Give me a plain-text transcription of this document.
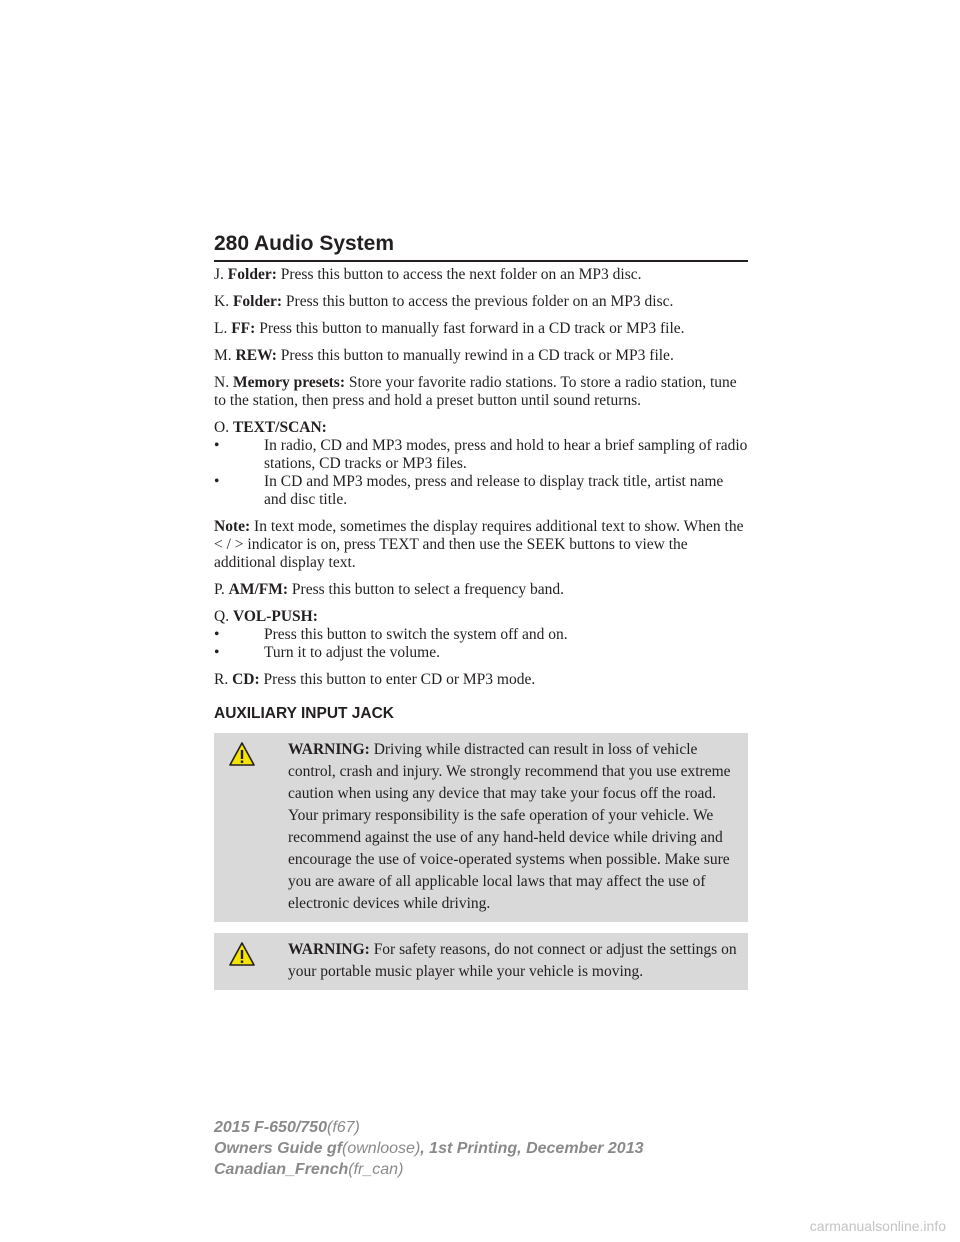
280 Audio System

J. Folder: Press this button to access the next folder on an MP3 disc.

K. Folder: Press this button to access the previous folder on an MP3 disc.

L. FF: Press this button to manually fast forward in a CD track or MP3 file.

M. REW: Press this button to manually rewind in a CD track or MP3 file.

N. Memory presets: Store your favorite radio stations. To store a radio station, tune to the station, then press and hold a preset button until sound returns.

O. TEXT/SCAN:
•	In radio, CD and MP3 modes, press and hold to hear a brief sampling of radio stations, CD tracks or MP3 files.
•	In CD and MP3 modes, press and release to display track title, artist name and disc title.

Note: In text mode, sometimes the display requires additional text to show. When the < / > indicator is on, press TEXT and then use the SEEK buttons to view the additional display text.

P. AM/FM: Press this button to select a frequency band.

Q. VOL-PUSH:
•	Press this button to switch the system off and on.
•	Turn it to adjust the volume.

R. CD: Press this button to enter CD or MP3 mode.

AUXILIARY INPUT JACK
WARNING: Driving while distracted can result in loss of vehicle control, crash and injury. We strongly recommend that you use extreme caution when using any device that may take your focus off the road. Your primary responsibility is the safe operation of your vehicle. We recommend against the use of any hand-held device while driving and encourage the use of voice-operated systems when possible. Make sure you are aware of all applicable local laws that may affect the use of electronic devices while driving.
WARNING: For safety reasons, do not connect or adjust the settings on your portable music player while your vehicle is moving.
2015 F-650/750(f67)
Owners Guide gf(ownloose), 1st Printing, December 2013
Canadian_French(fr_can)
carmanualsonline.info
